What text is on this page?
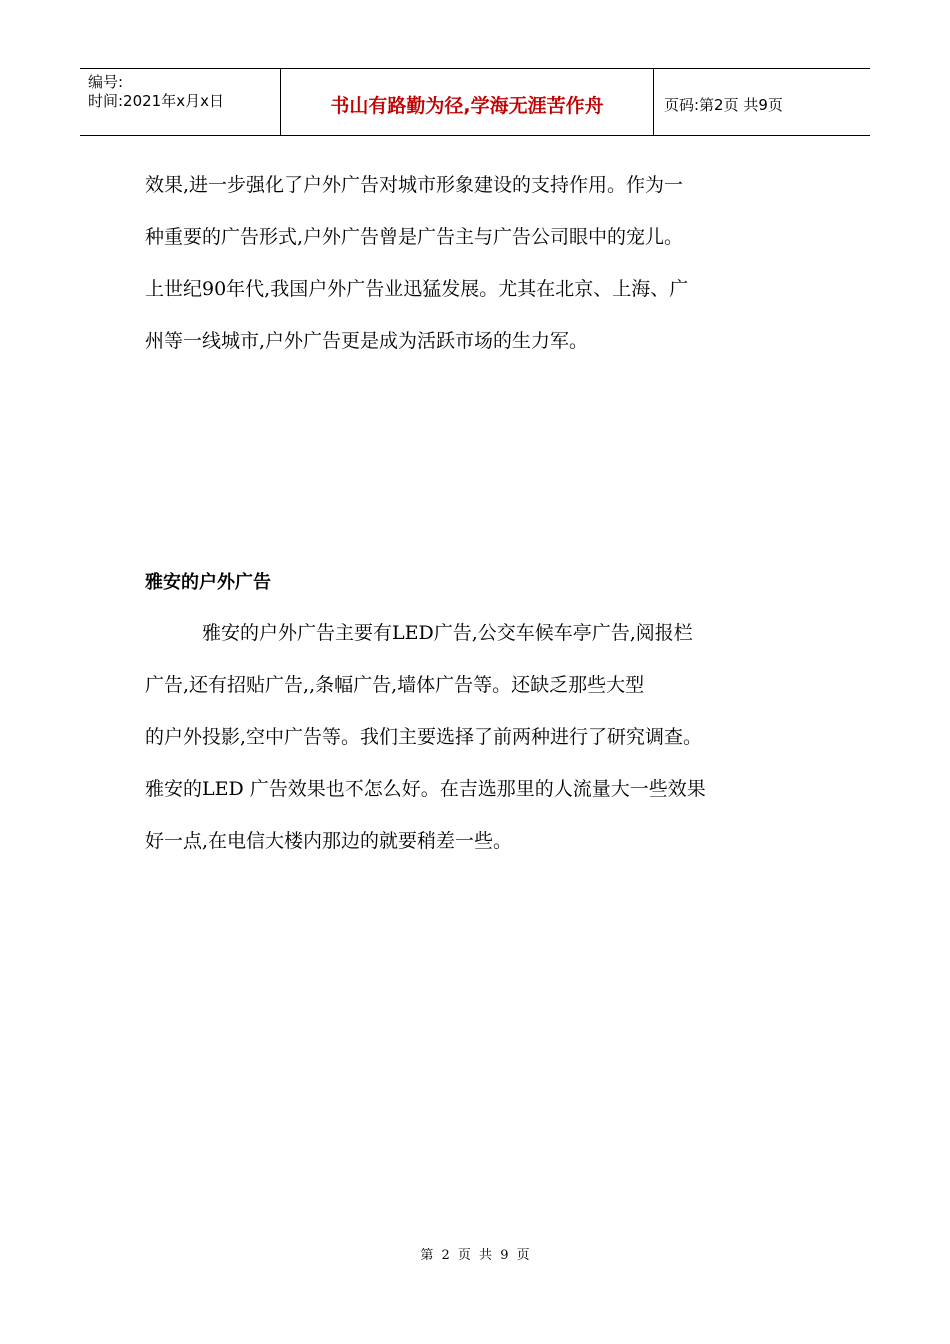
编号:
时间:2021年x月x日	书山有路勤为径,学海无涯苦作舟	页码:第2页 共9页
效果,进一步强化了户外广告对城市形象建设的支持作用。作为一
种重要的广告形式,户外广告曾是广告主与广告公司眼中的宠儿。
上世纪90年代,我国户外广告业迅猛发展。尤其在北京、上海、广
州等一线城市,户外广告更是成为活跃市场的生力军。
雅安的户外广告
雅安的户外广告主要有LED广告,公交车候车亭广告,阅报栏
广告,还有招贴广告,,条幅广告,墙体广告等。还缺乏那些大型
的户外投影,空中广告等。我们主要选择了前两种进行了研究调查。
雅安的LED 广告效果也不怎么好。在吉选那里的人流量大一些效果
好一点,在电信大楼内那边的就要稍差一些。
第 2 页 共 9 页
